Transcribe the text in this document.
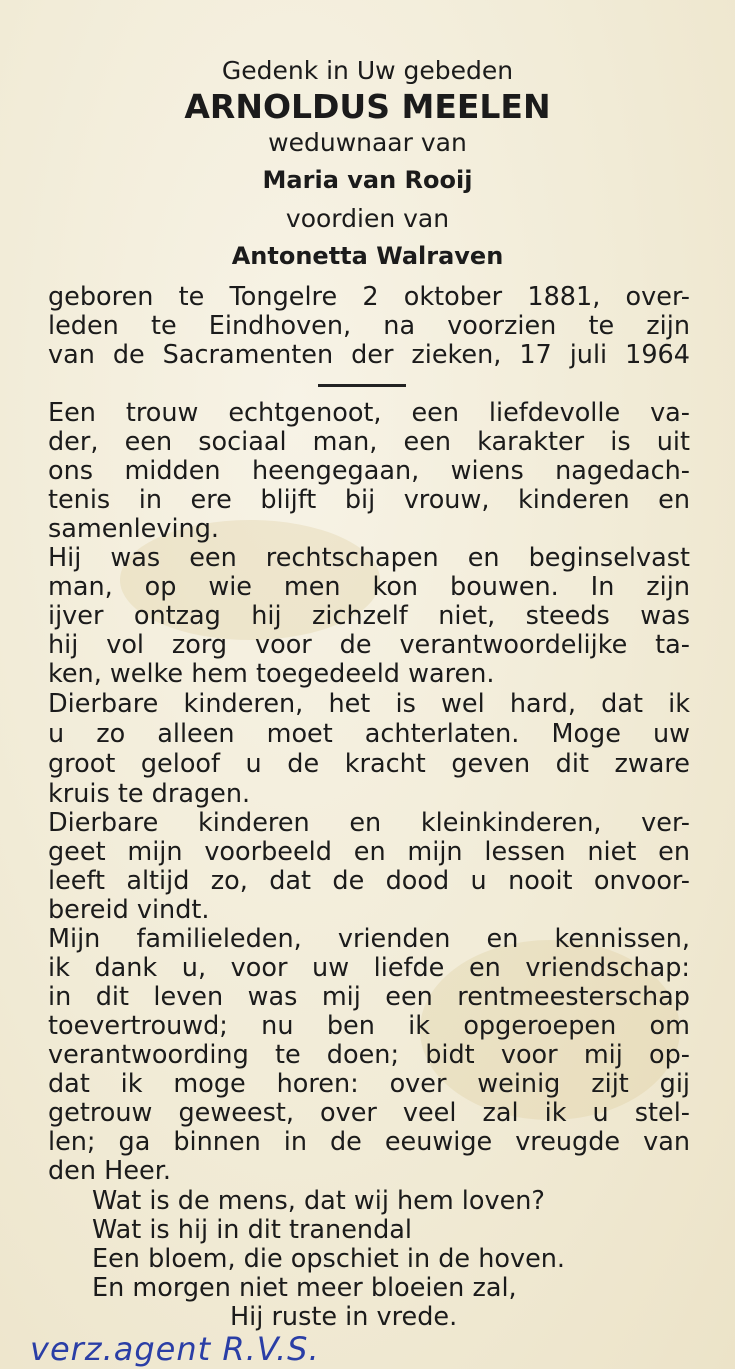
Gedenk in Uw gebeden
ARNOLDUS MEELEN
weduwnaar van
Maria van Rooij
voordien van
Antonetta Walraven
geboren te Tongelre 2 oktober 1881, over-
leden te Eindhoven, na voorzien te zijn
van de Sacramenten der zieken, 17 juli 1964
Een trouw echtgenoot, een liefdevolle va-
der, een sociaal man, een karakter is uit
ons midden heengegaan, wiens nagedach-
tenis in ere blijft bij vrouw, kinderen en
samenleving.
Hij was een rechtschapen en beginselvast
man, op wie men kon bouwen. In zijn
ijver ontzag hij zichzelf niet, steeds was
hij vol zorg voor de verantwoordelijke ta-
ken, welke hem toegedeeld waren.
Dierbare kinderen, het is wel hard, dat ik
u zo alleen moet achterlaten. Moge uw
groot geloof u de kracht geven dit zware
kruis te dragen.
Dierbare kinderen en kleinkinderen, ver-
geet mijn voorbeeld en mijn lessen niet en
leeft altijd zo, dat de dood u nooit onvoor-
bereid vindt.
Mijn familieleden, vrienden en kennissen,
ik dank u, voor uw liefde en vriendschap:
in dit leven was mij een rentmeesterschap
toevertrouwd; nu ben ik opgeroepen om
verantwoording te doen; bidt voor mij op-
dat ik moge horen: over weinig zijt gij
getrouw geweest, over veel zal ik u stel-
len; ga binnen in de eeuwige vreugde van
den Heer.
Wat is de mens, dat wij hem loven?
Wat is hij in dit tranendal
Een bloem, die opschiet in de hoven.
En morgen niet meer bloeien zal,
Hij ruste in vrede.
verz.agent R.V.S.
